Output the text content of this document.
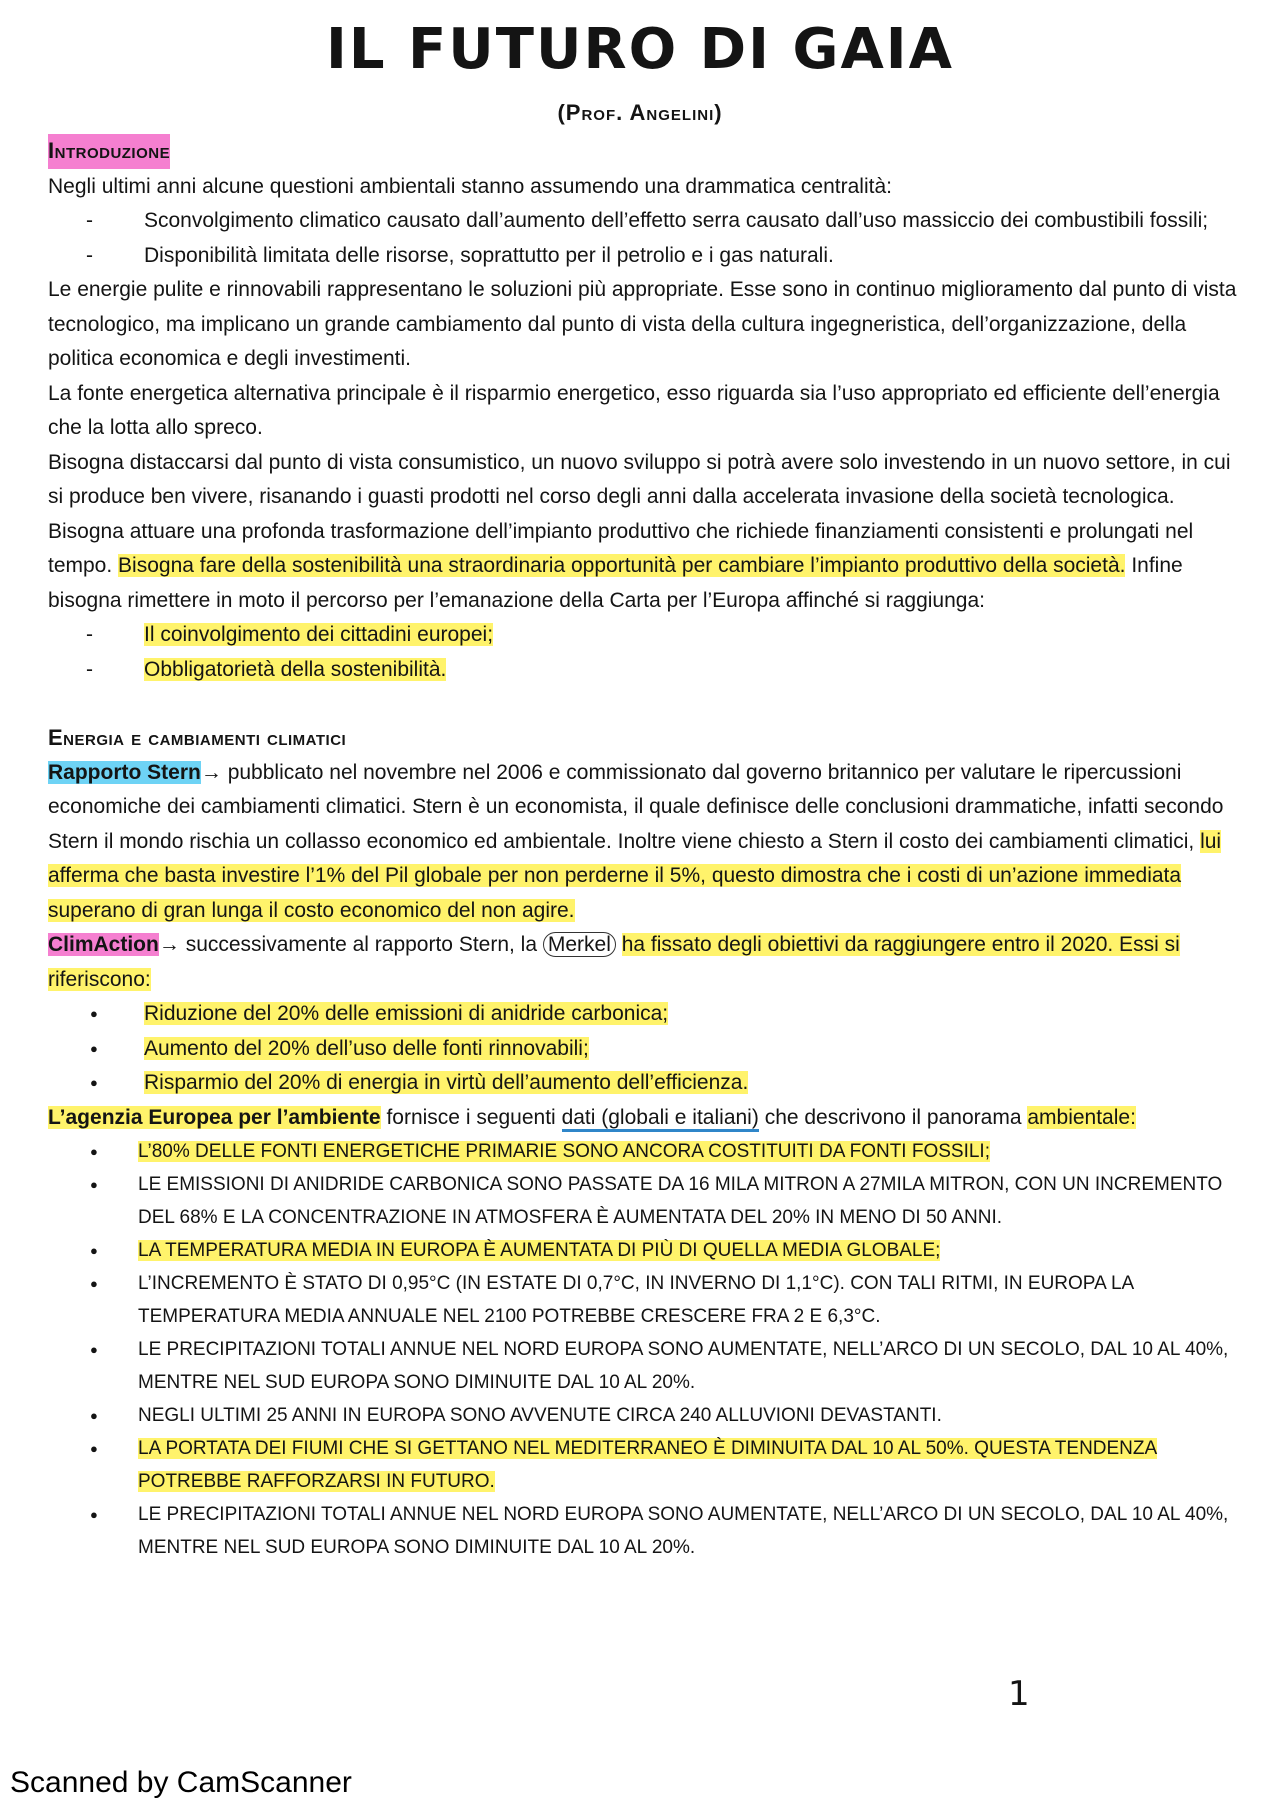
IL FUTURO DI GAIA
(Prof. Angelini)
Introduzione

Negli ultimi anni alcune questioni ambientali stanno assumendo una drammatica centralità:

- Sconvolgimento climatico causato dall’aumento dell’effetto serra causato dall’uso massiccio dei combustibili fossili;
- Disponibilità limitata delle risorse, soprattutto per il petrolio e i gas naturali.

Le energie pulite e rinnovabili rappresentano le soluzioni più appropriate. Esse sono in continuo miglioramento dal punto di vista tecnologico, ma implicano un grande cambiamento dal punto di vista della cultura ingegneristica, dell’organizzazione, della politica economica e degli investimenti.

La fonte energetica alternativa principale è il risparmio energetico, esso riguarda sia l’uso appropriato ed efficiente dell’energia che la lotta allo spreco.

Bisogna distaccarsi dal punto di vista consumistico, un nuovo sviluppo si potrà avere solo investendo in un nuovo settore, in cui si produce ben vivere, risanando i guasti prodotti nel corso degli anni dalla accelerata invasione della società tecnologica. Bisogna attuare una profonda trasformazione dell’impianto produttivo che richiede finanziamenti consistenti e prolungati nel tempo. Bisogna fare della sostenibilità una straordinaria opportunità per cambiare l’impianto produttivo della società. Infine bisogna rimettere in moto il percorso per l’emanazione della Carta per l’Europa affinché si raggiunga:

- Il coinvolgimento dei cittadini europei;
- Obbligatorietà della sostenibilità.
Energia e cambiamenti climatici

Rapporto Stern→ pubblicato nel novembre nel 2006 e commissionato dal governo britannico per valutare le ripercussioni economiche dei cambiamenti climatici. Stern è un economista, il quale definisce delle conclusioni drammatiche, infatti secondo Stern il mondo rischia un collasso economico ed ambientale. Inoltre viene chiesto a Stern il costo dei cambiamenti climatici, lui afferma che basta investire l’1% del Pil globale per non perderne il 5%, questo dimostra che i costi di un’azione immediata superano di gran lunga il costo economico del non agire.

ClimAction→ successivamente al rapporto Stern, la Merkel ha fissato degli obiettivi da raggiungere entro il 2020. Essi si riferiscono:

● Riduzione del 20% delle emissioni di anidride carbonica;
● Aumento del 20% dell’uso delle fonti rinnovabili;
● Risparmio del 20% di energia in virtù dell’aumento dell’efficienza.

L’agenzia Europea per l’ambiente fornisce i seguenti dati (globali e italiani) che descrivono il panorama ambientale:

● L’80% DELLE FONTI ENERGETICHE PRIMARIE SONO ANCORA COSTITUITI DA FONTI FOSSILI;
● LE EMISSIONI DI ANIDRIDE CARBONICA SONO PASSATE DA 16 MILA MITRON A 27MILA MITRON, CON UN INCREMENTO DEL 68% E LA CONCENTRAZIONE IN ATMOSFERA È AUMENTATA DEL 20% IN MENO DI 50 ANNI.
● LA TEMPERATURA MEDIA IN EUROPA È AUMENTATA DI PIÙ DI QUELLA MEDIA GLOBALE;
● L’INCREMENTO È STATO DI 0,95°C (IN ESTATE DI 0,7°C, IN INVERNO DI 1,1°C). CON TALI RITMI, IN EUROPA LA TEMPERATURA MEDIA ANNUALE NEL 2100 POTREBBE CRESCERE FRA 2 E 6,3°C.
● LE PRECIPITAZIONI TOTALI ANNUE NEL NORD EUROPA SONO AUMENTATE, NELL’ARCO DI UN SECOLO, DAL 10 AL 40%, MENTRE NEL SUD EUROPA SONO DIMINUITE DAL 10 AL 20%.
● NEGLI ULTIMI 25 ANNI IN EUROPA SONO AVVENUTE CIRCA 240 ALLUVIONI DEVASTANTI.
● LA PORTATA DEI FIUMI CHE SI GETTANO NEL MEDITERRANEO È DIMINUITA DAL 10 AL 50%. QUESTA TENDENZA POTREBBE RAFFORZARSI IN FUTURO.
● LE PRECIPITAZIONI TOTALI ANNUE NEL NORD EUROPA SONO AUMENTATE, NELL’ARCO DI UN SECOLO, DAL 10 AL 40%, MENTRE NEL SUD EUROPA SONO DIMINUITE DAL 10 AL 20%.
1
Scanned by CamScanner
